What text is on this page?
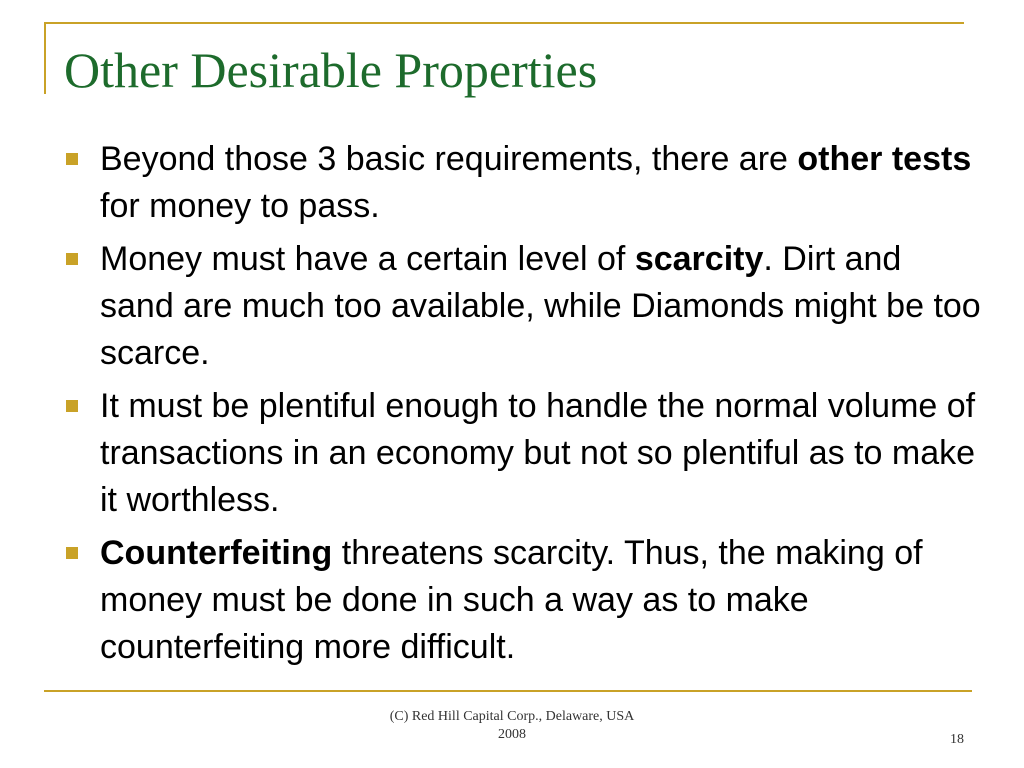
Other Desirable Properties
Beyond those 3 basic requirements, there are other tests for money to pass.
Money must have a certain level of scarcity. Dirt and sand are much too available, while Diamonds might be too scarce.
It must be plentiful enough to handle the normal volume of transactions in an economy but not so plentiful as to make it worthless.
Counterfeiting threatens scarcity. Thus, the making of money must be done in such a way as to make counterfeiting more difficult.
(C) Red Hill Capital Corp., Delaware, USA
2008	18
